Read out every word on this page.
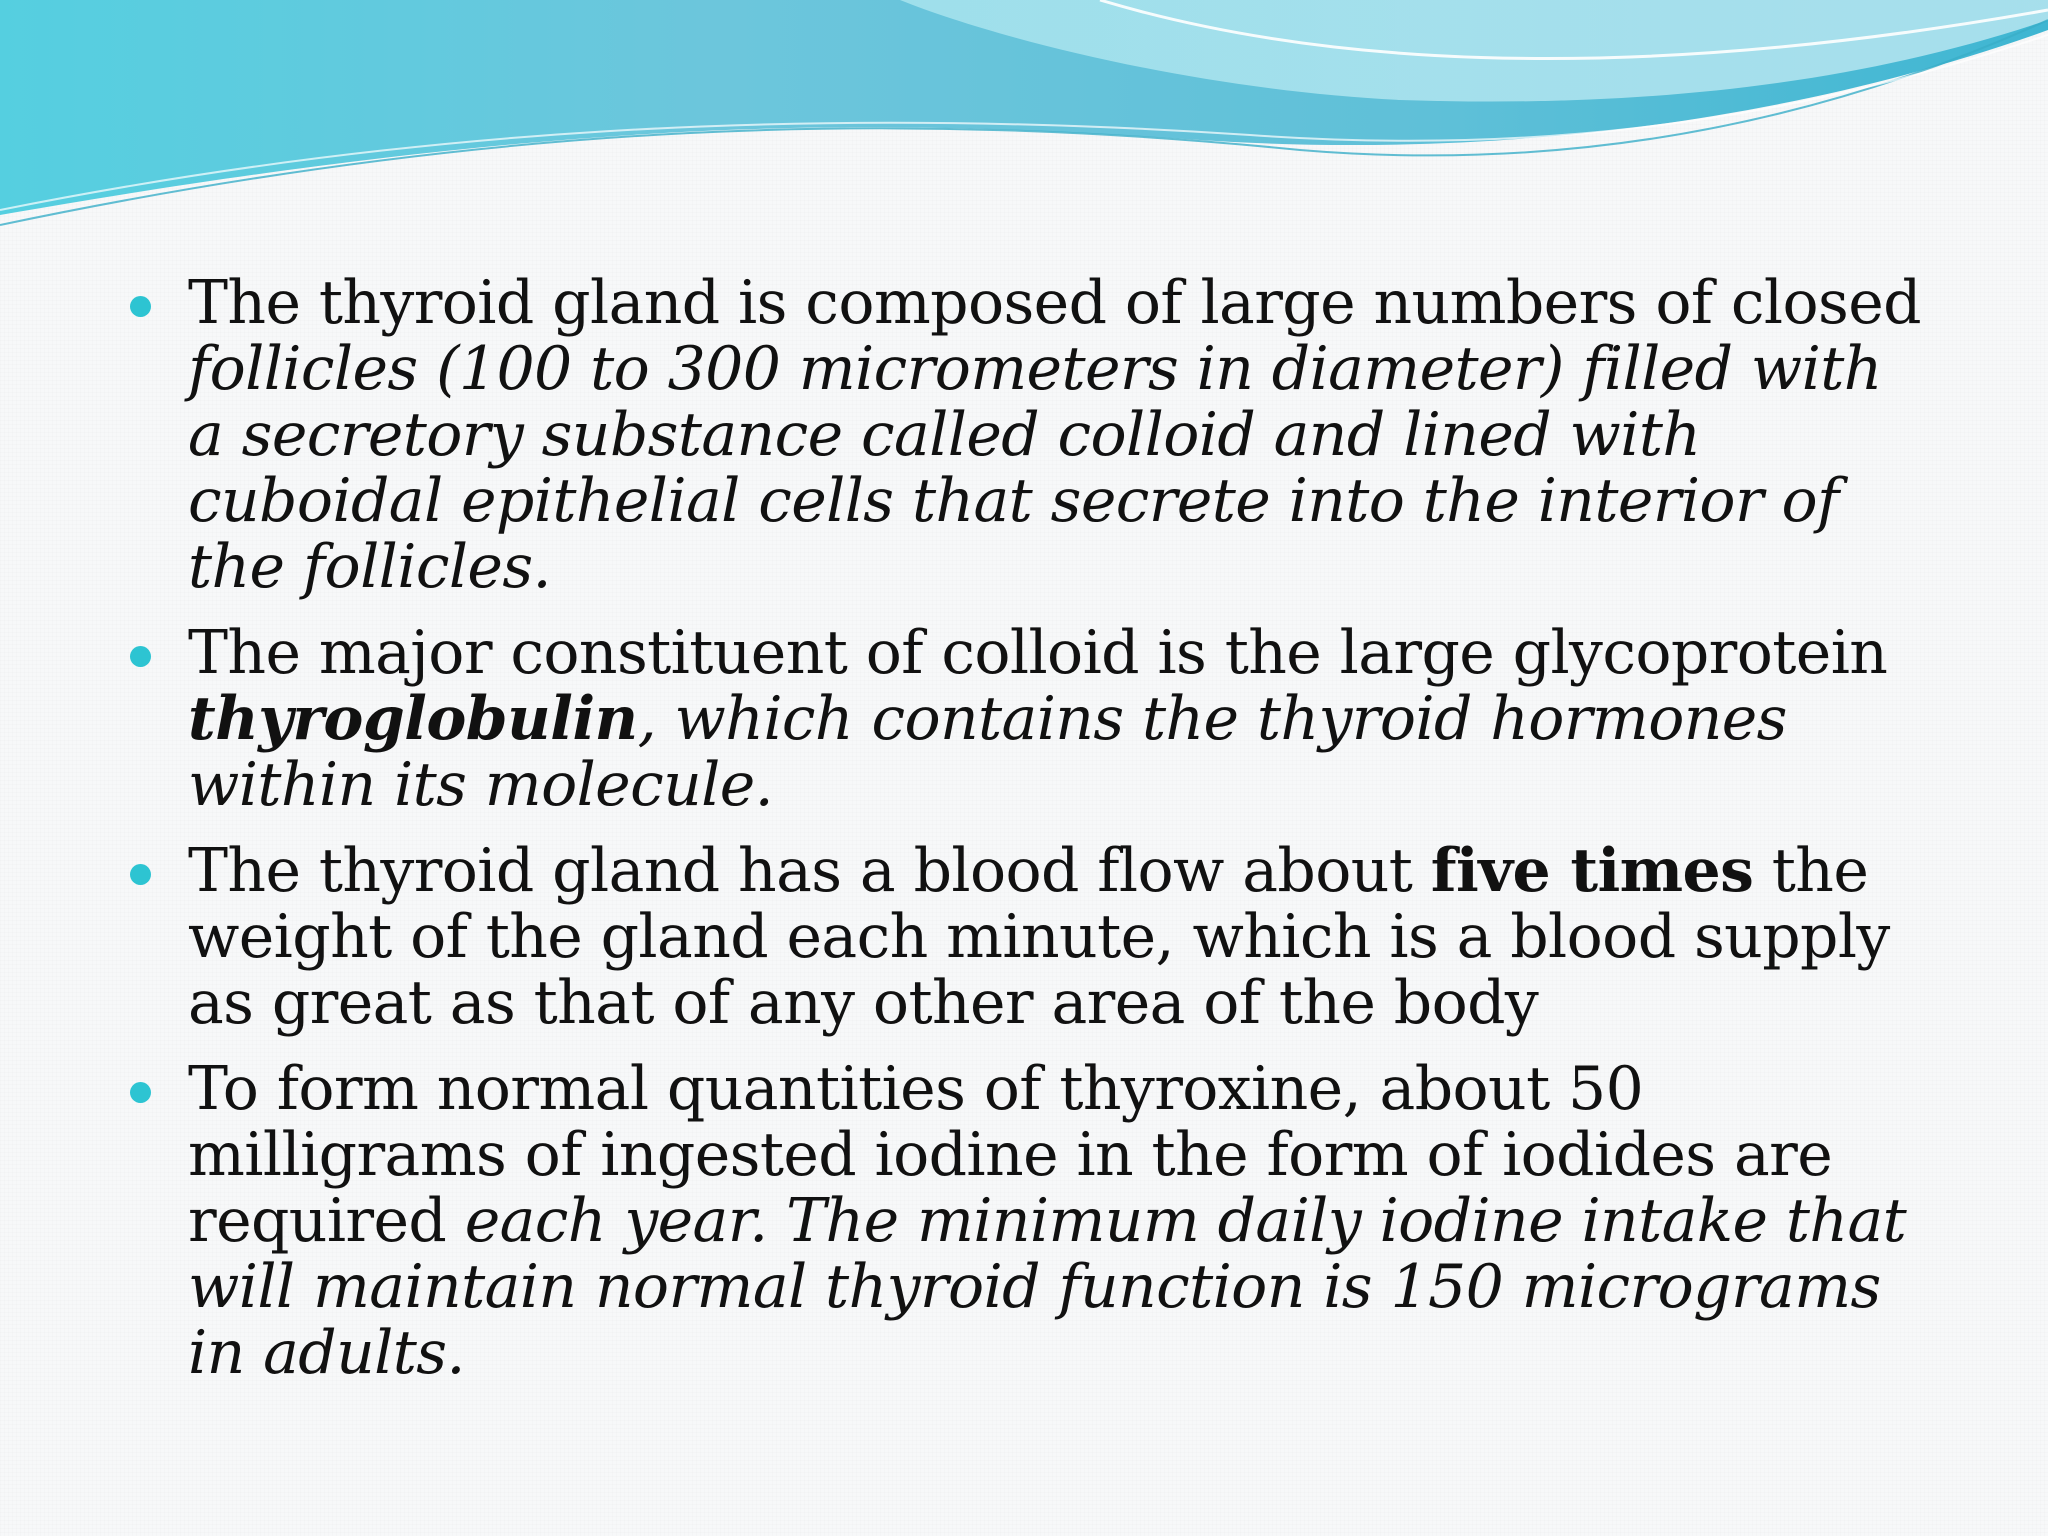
The thyroid gland is composed of large numbers of closed follicles (100 to 300 micrometers in diameter) filled with a secretory substance called colloid and lined with cuboidal epithelial cells that secrete into the interior of the follicles.
The major constituent of colloid is the large glycoprotein thyroglobulin, which contains the thyroid hormones within its molecule.
The thyroid gland has a blood flow about five times the weight of the gland each minute, which is a blood supply as great as that of any other area of the body
To form normal quantities of thyroxine, about 50 milligrams of ingested iodine in the form of iodides are required each year. The minimum daily iodine intake that will maintain normal thyroid function is 150 micrograms in adults.
